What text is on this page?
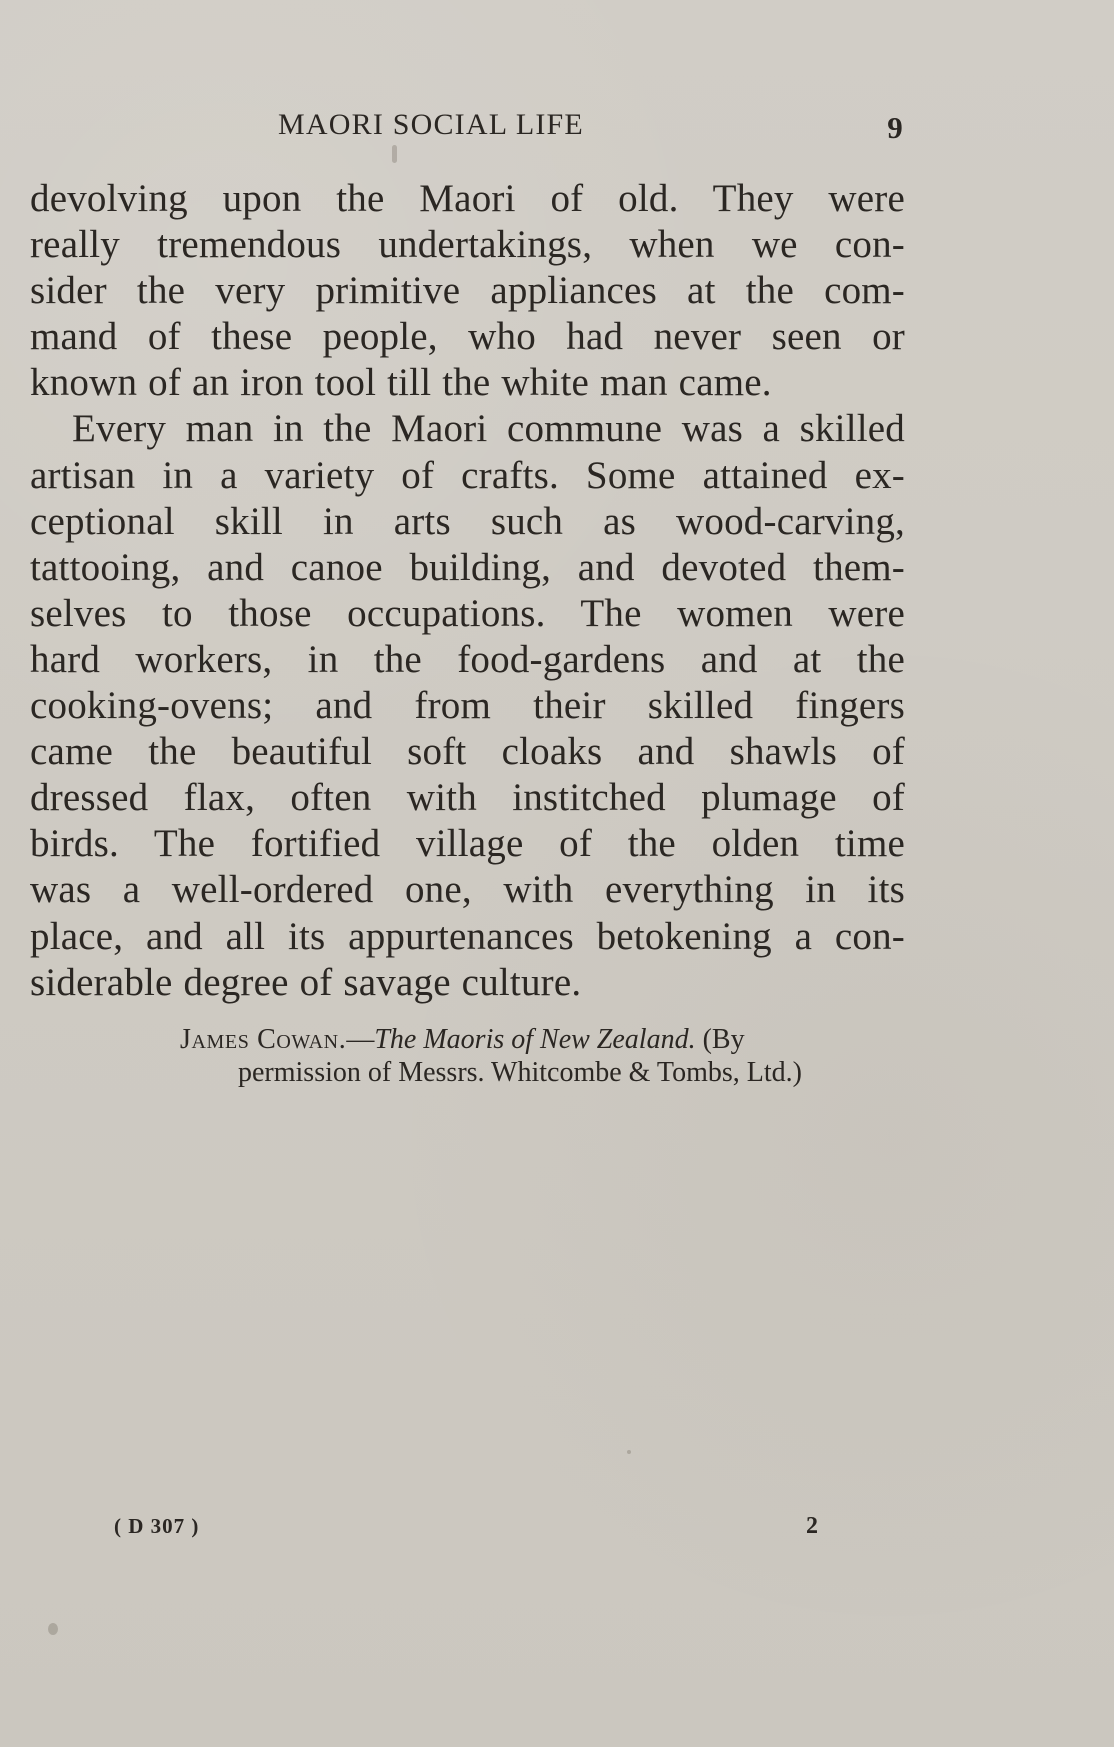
MAORI SOCIAL LIFE	9
devolving upon the Maori of old. They were
really tremendous undertakings, when we con-
sider the very primitive appliances at the com-
mand of these people, who had never seen or
known of an iron tool till the white man came.
Every man in the Maori commune was a skilled
artisan in a variety of crafts. Some attained ex-
ceptional skill in arts such as wood-carving,
tattooing, and canoe building, and devoted them-
selves to those occupations. The women were
hard workers, in the food-gardens and at the
cooking-ovens; and from their skilled fingers
came the beautiful soft cloaks and shawls of
dressed flax, often with institched plumage of
birds. The fortified village of the olden time
was a well-ordered one, with everything in its
place, and all its appurtenances betokening a con-
siderable degree of savage culture.
James Cowan.—The Maoris of New Zealand. (By
permission of Messrs. Whitcombe & Tombs, Ltd.)
( D 307 )	2
